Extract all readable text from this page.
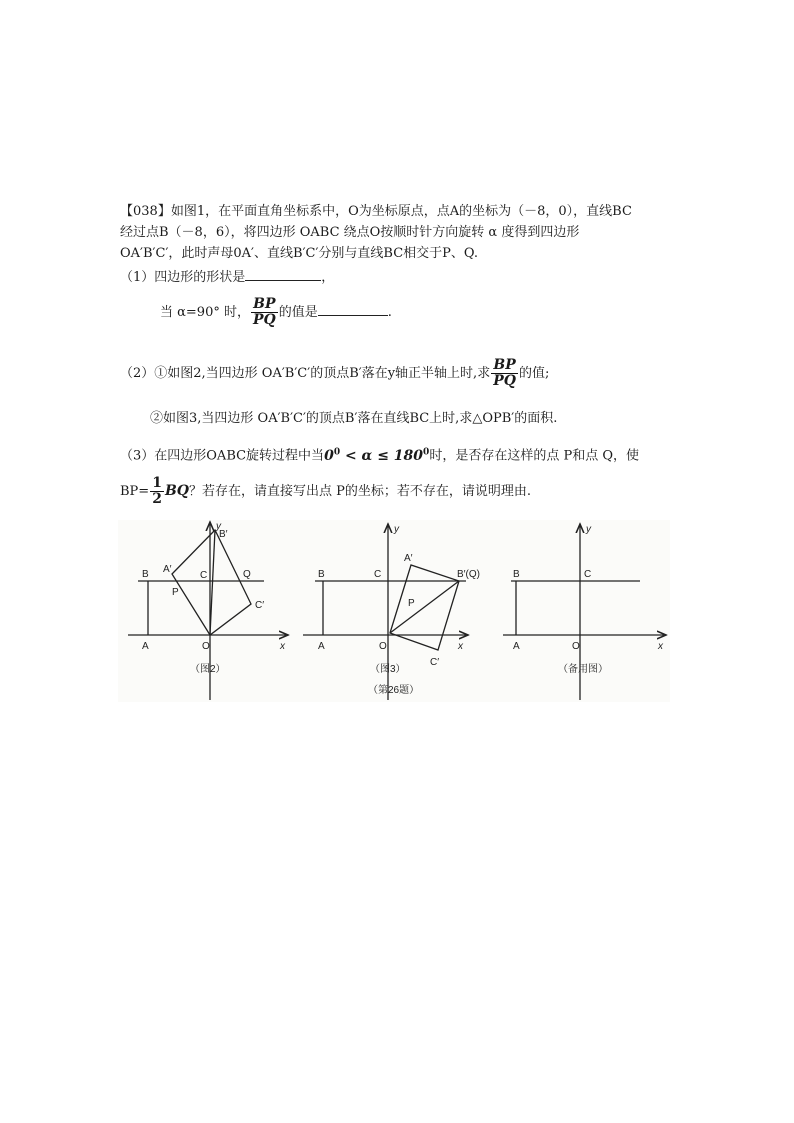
【038】如图1，在平面直角坐标系中，O为坐标原点，点A的坐标为（－8，0），直线BC
经过点B（－8，6），将四边形 OABC 绕点O按顺时针方向旋转 α 度得到四边形
OA′B′C′，此时声母0A′、直线B′C′分别与直线BC相交于P、Q.
（1）四边形的形状是	，
当 α=90° 时， $\frac{BP}{PQ}$ 的值是	.
（2）①如图2,当四边形 OA′B′C′的顶点B′落在y轴正半轴上时,求 $\frac{BP}{PQ}$ 的值;
②如图3,当四边形 OA′B′C′的顶点B′落在直线BC上时,求△OPB′的面积.
（3）在四边形OABC旋转过程中当$0^0 < \alpha \le 180^0$时，是否存在这样的点 P和点 Q，使
$BP= \frac{1}{2}$ BQ？若存在，请直接写出点 P的坐标；若不存在，请说明理由.
y
B′
B A′
C	Q
P
C′
A	O	x
（图2）
y
A′
B	C	B′(Q)
P
A	O	x
C′
（图3）
y
B	C
A	O	x
（备用图）
（第26题）
